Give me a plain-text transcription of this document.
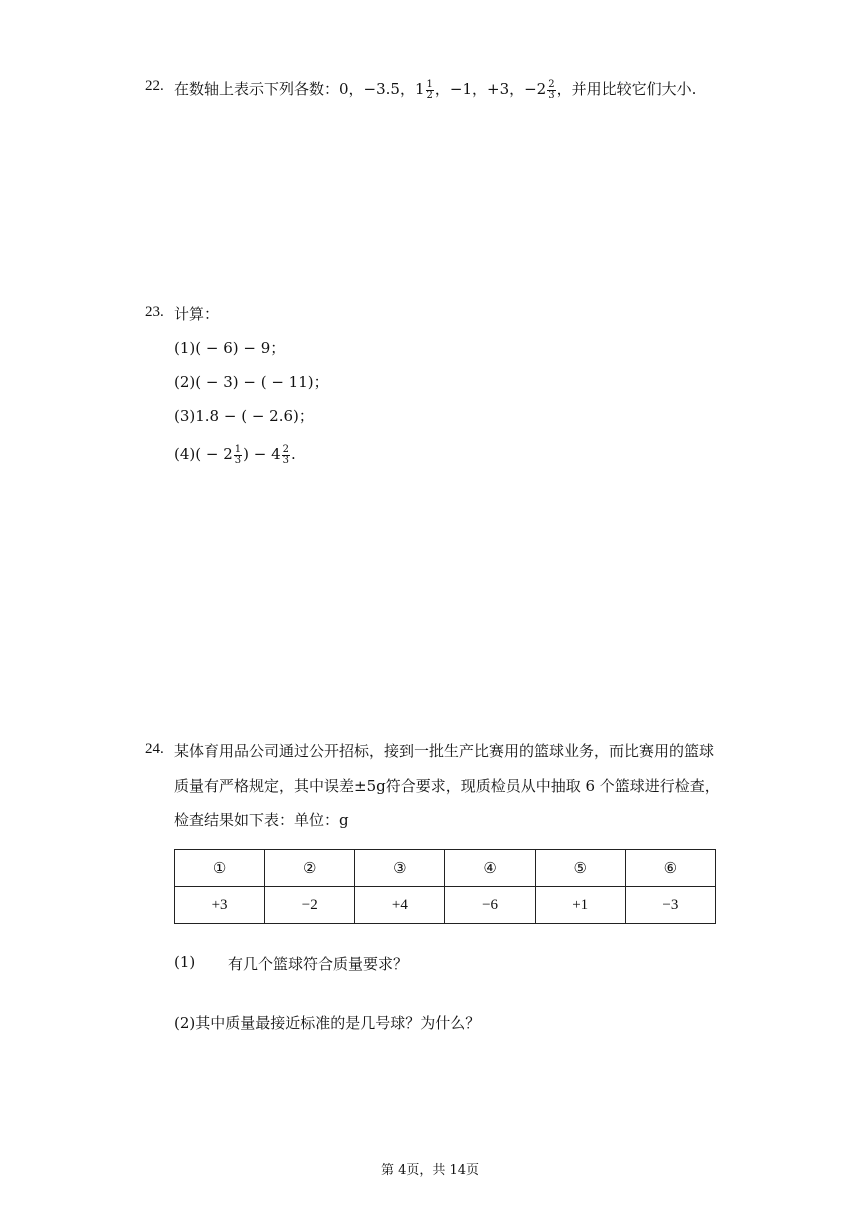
22. 在数轴上表示下列各数：0，−3.5，$1 \frac{1}{2}$ ，−1，+3，$-2 \frac{2}{3}$ ，并用比较它们大小.
23. 计算：
(1)( − 6) − 9；
(2)( − 3) − ( − 11)；
(3)1.8 − ( − 2.6)；
$(4)( - 2 \frac{1}{3}$ ) − $4 \frac{2}{3}$ .
24. 某体育用品公司通过公开招标，接到一批生产比赛用的篮球业务，而比赛用的篮球
质量有严格规定，其中误差±5g符合要求，现质检员从中抽取 6 个篮球进行检查，
检查结果如下表：单位：g
①	②	③	④	⑤	⑥
+3	−2	+4	−6	+1	−3
(1) 有几个篮球符合质量要求？
(2)其中质量最接近标准的是几号球？为什么？
第 4页，共 14页
